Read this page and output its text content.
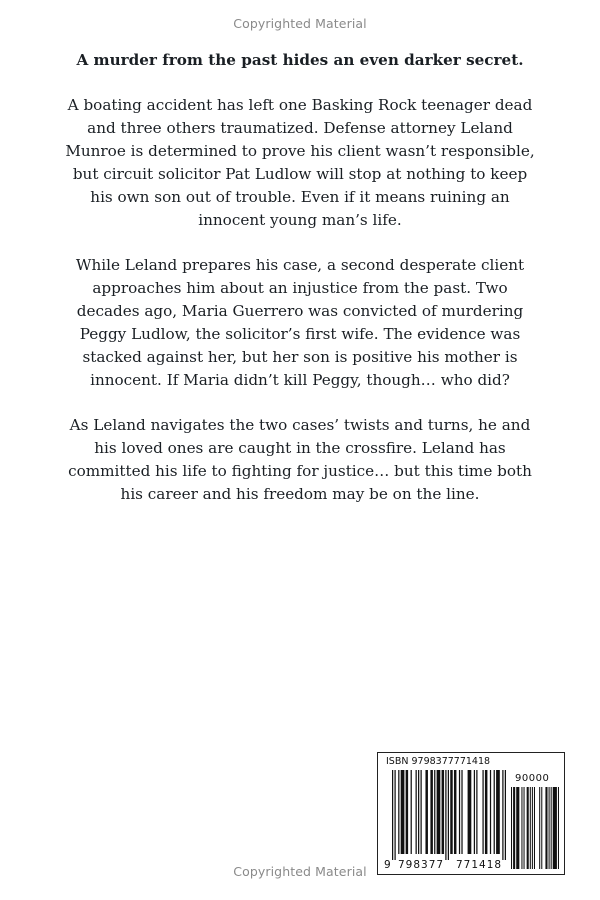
Copyrighted Material

A murder from the past hides an even darker secret.

A boating accident has left one Basking Rock teenager dead and three others traumatized. Defense attorney Leland Munroe is determined to prove his client wasn’t responsible, but circuit solicitor Pat Ludlow will stop at nothing to keep his own son out of trouble. Even if it means ruining an innocent young man’s life.

While Leland prepares his case, a second desperate client approaches him about an injustice from the past. Two decades ago, Maria Guerrero was convicted of murdering Peggy Ludlow, the solicitor’s first wife. The evidence was stacked against her, but her son is positive his mother is innocent. If Maria didn’t kill Peggy, though… who did?

As Leland navigates the two cases’ twists and turns, he and his loved ones are caught in the crossfire. Leland has committed his life to fighting for justice… but this time both his career and his freedom may be on the line.

ISBN 9798377771418
90000
9 798377 771418
Copyrighted Material
